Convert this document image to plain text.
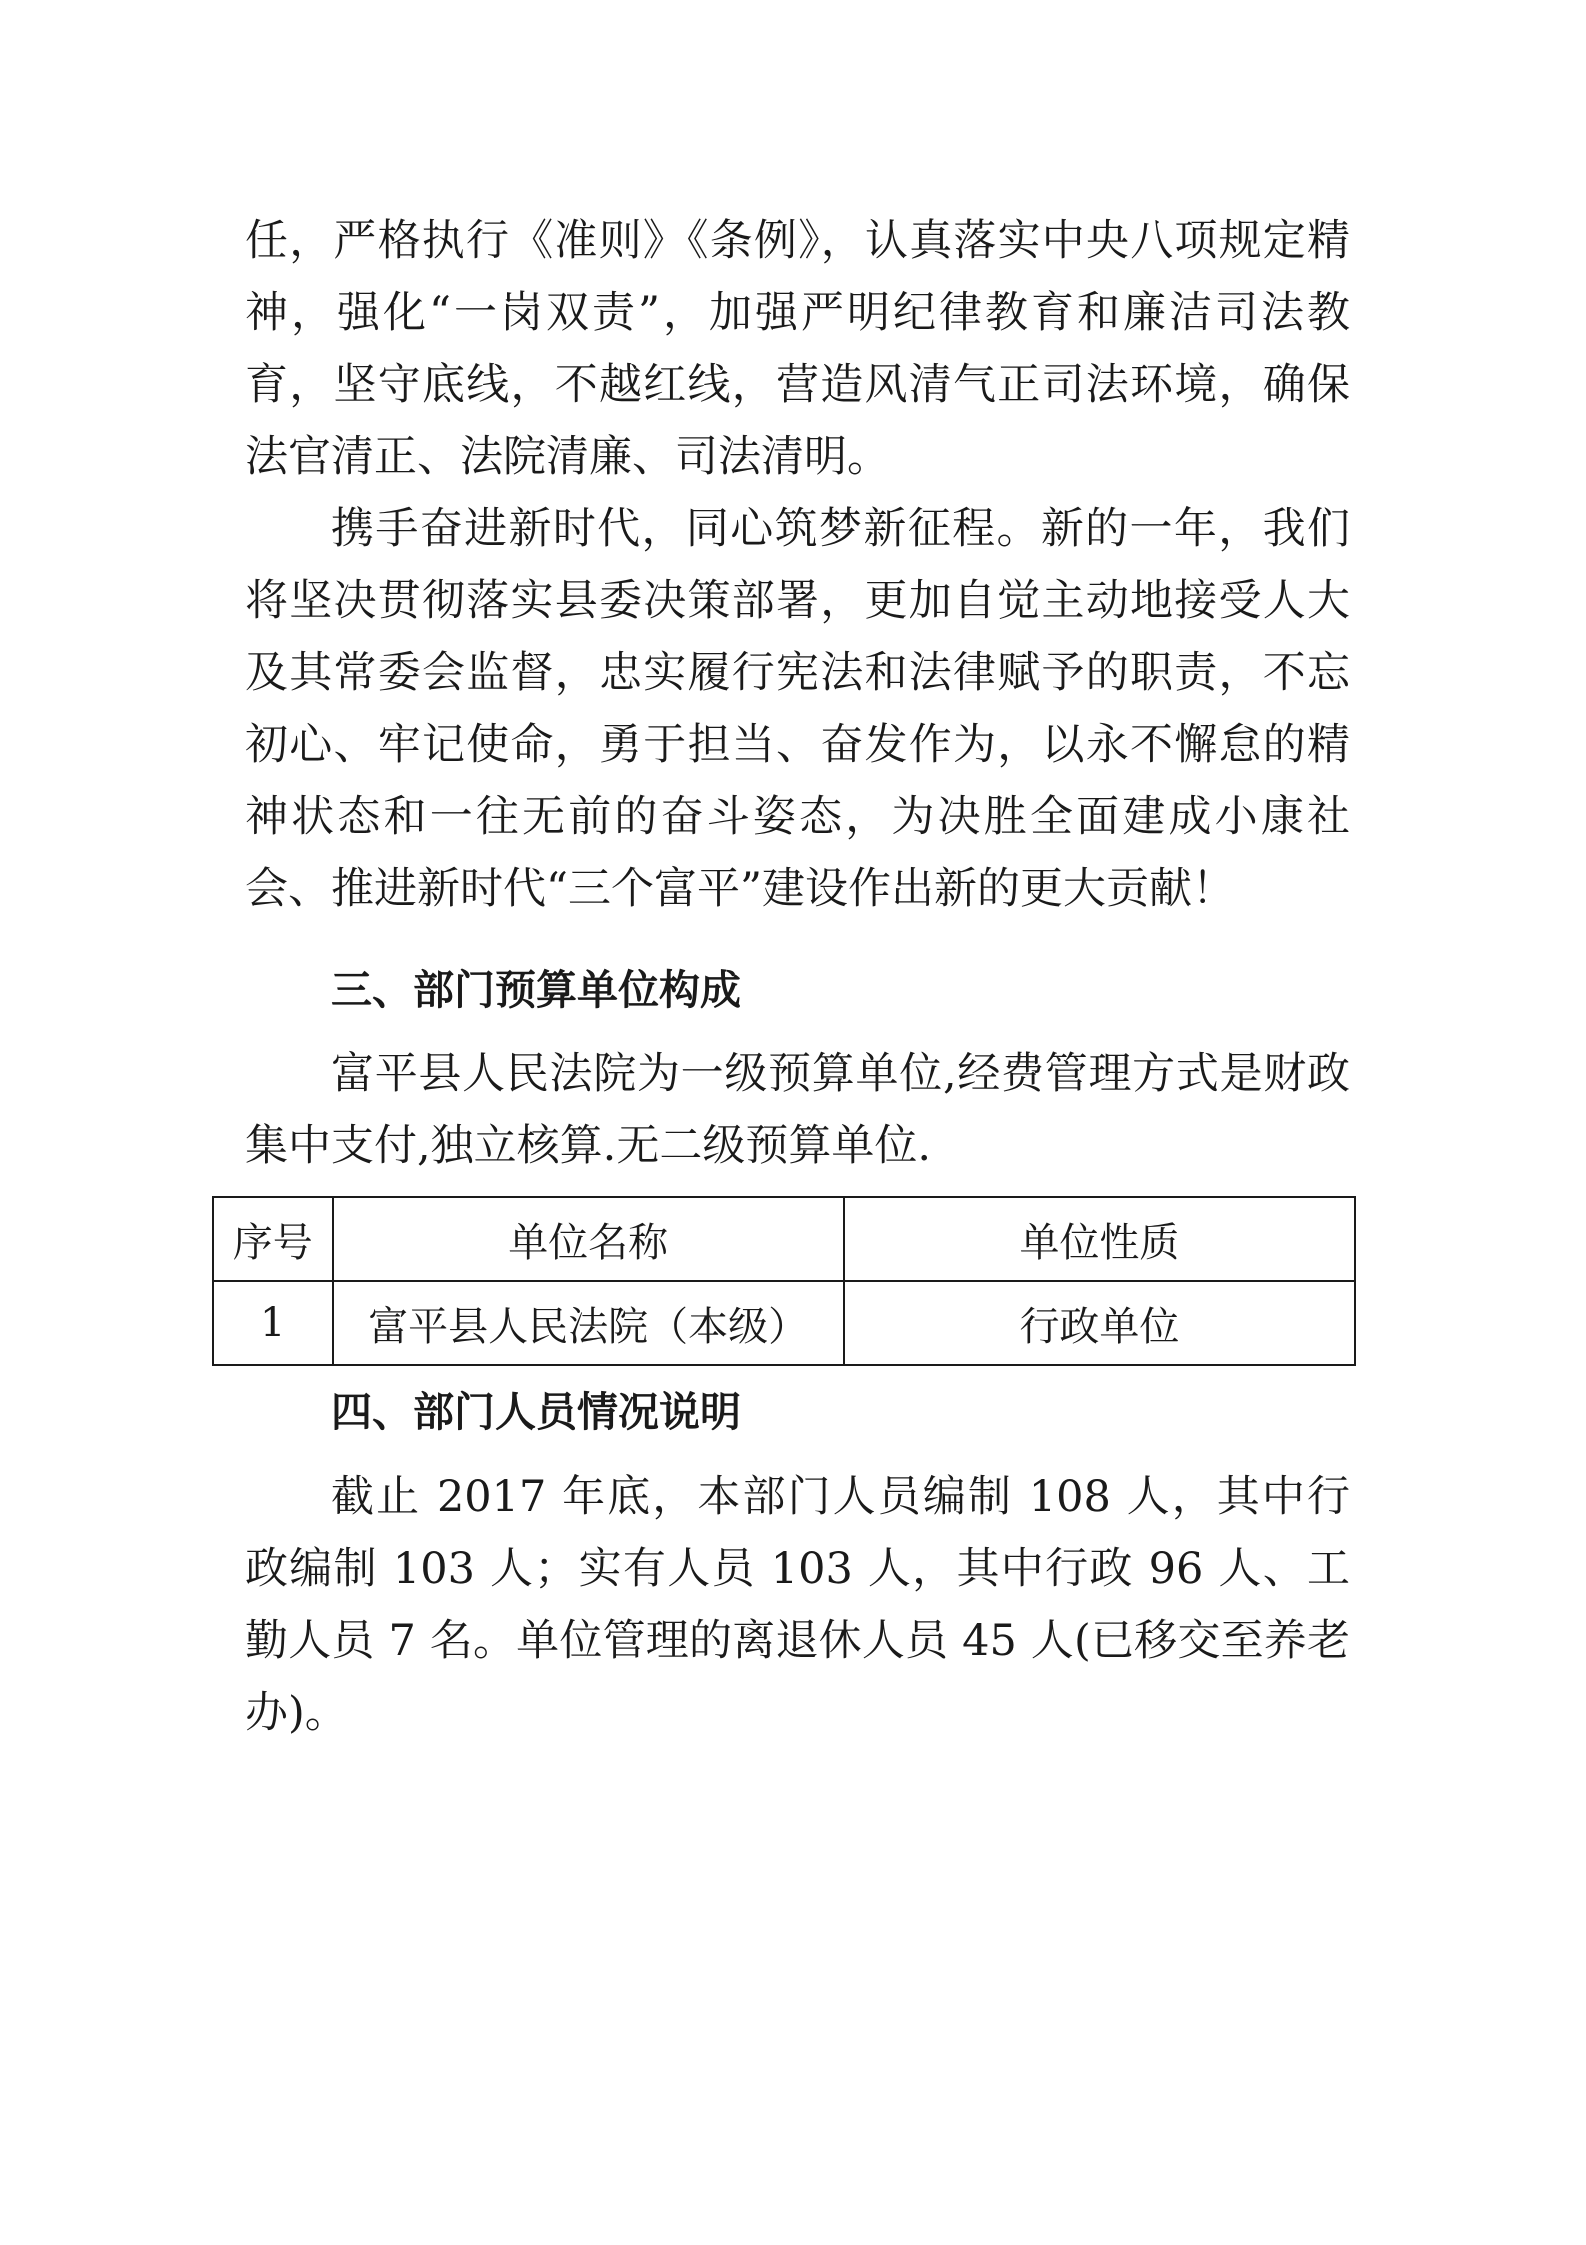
任，严格执行《准则》《条例》，认真落实中央八项规定精神，强化“一岗双责”，加强严明纪律教育和廉洁司法教育，坚守底线，不越红线，营造风清气正司法环境，确保法官清正、法院清廉、司法清明。

携手奋进新时代，同心筑梦新征程。新的一年，我们将坚决贯彻落实县委决策部署，更加自觉主动地接受人大及其常委会监督，忠实履行宪法和法律赋予的职责，不忘初心、牢记使命，勇于担当、奋发作为，以永不懈怠的精神状态和一往无前的奋斗姿态，为决胜全面建成小康社会、推进新时代“三个富平”建设作出新的更大贡献！

三、部门预算单位构成

富平县人民法院为一级预算单位,经费管理方式是财政集中支付,独立核算.无二级预算单位.

序号	单位名称	单位性质
1	富平县人民法院（本级）	行政单位
四、部门人员情况说明

截止 2017 年底，本部门人员编制 108 人，其中行政编制 103 人；实有人员 103 人，其中行政 96 人、工勤人员 7 名。单位管理的离退休人员 45 人(已移交至养老办)。
